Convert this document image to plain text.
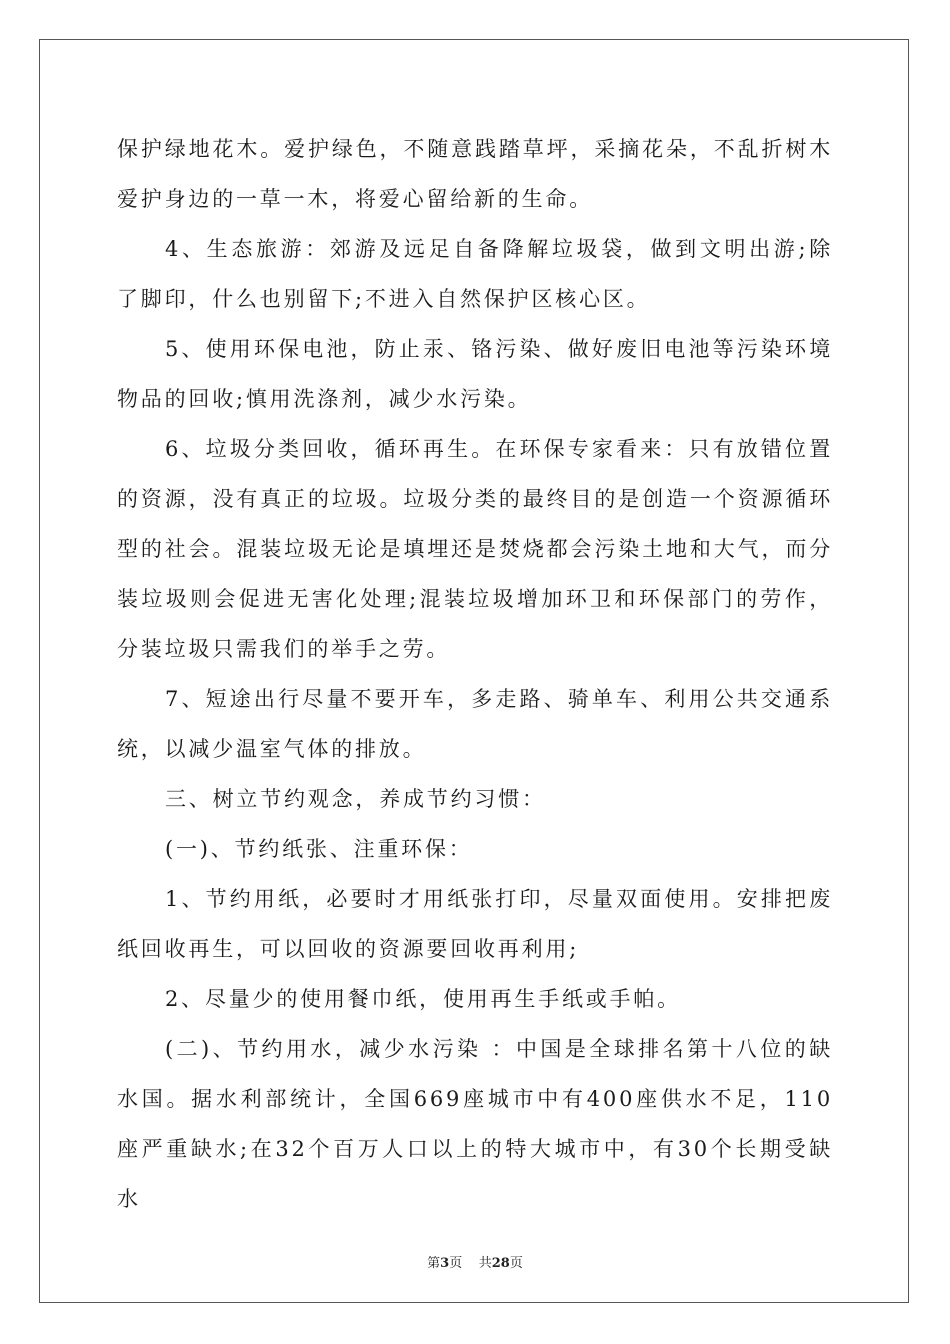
保护绿地花木。爱护绿色，不随意践踏草坪，采摘花朵，不乱折树木爱护身边的一草一木，将爱心留给新的生命。

4、生态旅游：郊游及远足自备降解垃圾袋，做到文明出游;除了脚印，什么也别留下;不进入自然保护区核心区。

5、使用环保电池，防止汞、铬污染、做好废旧电池等污染环境物品的回收;慎用洗涤剂，减少水污染。

6、垃圾分类回收，循环再生。在环保专家看来：只有放错位置的资源，没有真正的垃圾。垃圾分类的最终目的是创造一个资源循环型的社会。混装垃圾无论是填埋还是焚烧都会污染土地和大气，而分装垃圾则会促进无害化处理;混装垃圾增加环卫和环保部门的劳作，分装垃圾只需我们的举手之劳。

7、短途出行尽量不要开车，多走路、骑单车、利用公共交通系统，以减少温室气体的排放。

三、树立节约观念，养成节约习惯：

(一)、节约纸张、注重环保：

1、节约用纸，必要时才用纸张打印，尽量双面使用。安排把废纸回收再生，可以回收的资源要回收再利用;

2、尽量少的使用餐巾纸，使用再生手纸或手帕。

(二)、节约用水，减少水污染 ：中国是全球排名第十八位的缺水国。据水利部统计，全国669座城市中有400座供水不足，110座严重缺水;在32个百万人口以上的特大城市中，有30个长期受缺水

第3页 共28页
